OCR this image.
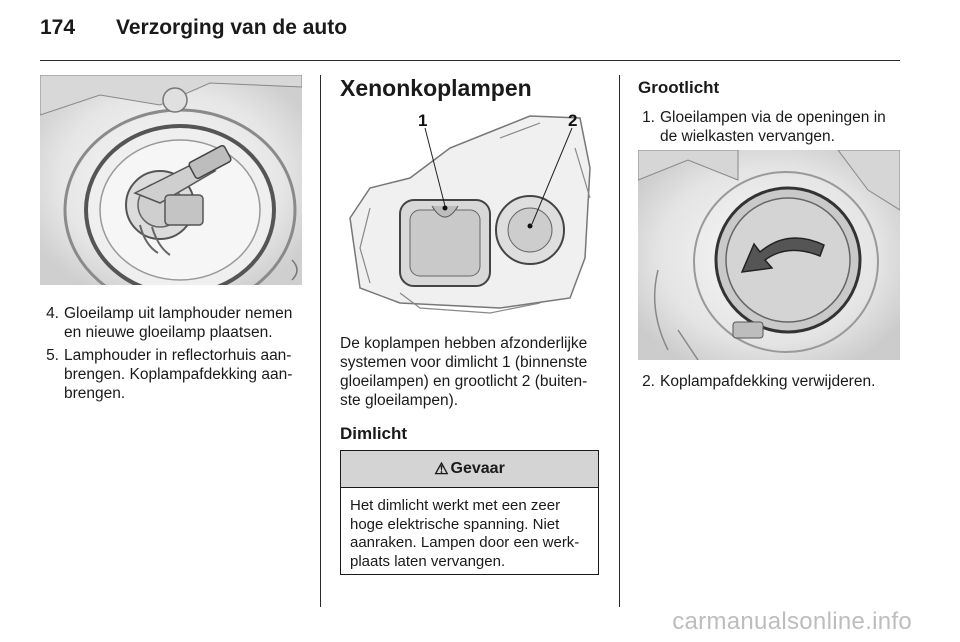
174	Verzorging van de auto
4. Gloeilamp uit lamphouder nemen en nieuwe gloeilamp plaatsen.
5. Lamphouder in reflectorhuis aan-brengen. Koplampafdekking aan-brengen.
Xenonkoplampen
1	2
De koplampen hebben afzonderlijke systemen voor dimlicht 1 (binnenste gloeilampen) en grootlicht 2 (buiten-ste gloeilampen).
Dimlicht
⚠ Gevaar
Het dimlicht werkt met een zeer hoge elektrische spanning. Niet aanraken. Lampen door een werk-plaats laten vervangen.
Grootlicht
1. Gloeilampen via de openingen in de wielkasten vervangen.
2. Koplampafdekking verwijderen.
carmanualsonline.info
